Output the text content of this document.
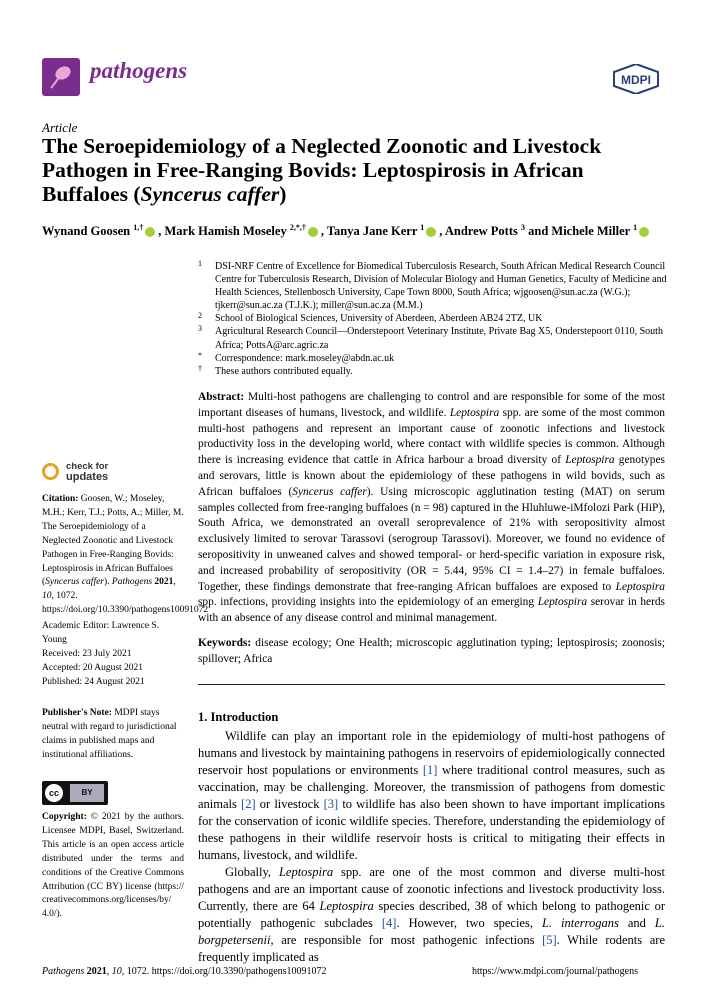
pathogens	MDPI
Article
The Seroepidemiology of a Neglected Zoonotic and Livestock Pathogen in Free-Ranging Bovids: Leptospirosis in African Buffaloes (Syncerus caffer)
Wynand Goosen $^{1,\dagger}$ , Mark Hamish Moseley $^{2,*,\dagger}$ , Tanya Jane Kerr $^1$ , Andrew Potts $^3$ and Michele Miller $^1$
1 DSI-NRF Centre of Excellence for Biomedical Tuberculosis Research, South African Medical Research Council Centre for Tuberculosis Research, Division of Molecular Biology and Human Genetics, Faculty of Medicine and Health Sciences, Stellenbosch University, Cape Town 8000, South Africa; wjgoosen@sun.ac.za (W.G.); tjkerr@sun.ac.za (T.J.K.); miller@sun.ac.za (M.M.)
2 School of Biological Sciences, University of Aberdeen, Aberdeen AB24 2TZ, UK
3 Agricultural Research Council—Onderstepoort Veterinary Institute, Private Bag X5, Onderstepoort 0110, South Africa; PottsA@arc.agric.za
* Correspondence: mark.moseley@abdn.ac.uk
† These authors contributed equally.
Abstract: Multi-host pathogens are challenging to control and are responsible for some of the most important diseases of humans, livestock, and wildlife. Leptospira spp. are some of the most common multi-host pathogens and represent an important cause of zoonotic infections and livestock productivity loss in the developing world, where contact with wildlife species is common. Although there is increasing evidence that cattle in Africa harbour a broad diversity of Leptospira genotypes and serovars, little is known about the epidemiology of these pathogens in wild bovids, such as African buffaloes (Syncerus caffer). Using microscopic agglutination testing (MAT) on serum samples collected from free-ranging buffaloes (n = 98) captured in the Hluhluwe-iMfolozi Park (HiP), South Africa, we demonstrated an overall seroprevalence of 21% with seropositivity almost exclusively limited to serovar Tarassovi (serogroup Tarassovi). Moreover, we found no evidence of seropositivity in unweaned calves and showed temporal- or herd-specific variation in exposure risk, and increased probability of seropositivity (OR = 5.44, 95% CI = 1.4–27) in female buffaloes. Together, these findings demonstrate that free-ranging African buffaloes are exposed to Leptospira spp. infections, providing insights into the epidemiology of an emerging Leptospira serovar in herds with an absence of any disease control and minimal management.
Keywords: disease ecology; One Health; microscopic agglutination typing; leptospirosis; zoonosis; spillover; Africa
check for
updates
Citation: Goosen, W.; Moseley, M.H.; Kerr, T.J.; Potts, A.; Miller, M. The Seroepidemiology of a Neglected Zoonotic and Livestock Pathogen in Free-Ranging Bovids: Leptospirosis in African Buffaloes (Syncerus caffer). Pathogens 2021, 10, 1072. https://doi.org/10.3390/pathogens10091072
Academic Editor: Lawrence S. Young
Received: 23 July 2021
Accepted: 20 August 2021
Published: 24 August 2021
Publisher's Note: MDPI stays neutral with regard to jurisdictional claims in published maps and institutional affiliations.
cc	BY
Copyright: © 2021 by the authors. Licensee MDPI, Basel, Switzerland. This article is an open access article distributed under the terms and conditions of the Creative Commons Attribution (CC BY) license (https:// creativecommons.org/licenses/by/ 4.0/).
1. Introduction

Wildlife can play an important role in the epidemiology of multi-host pathogens of humans and livestock by maintaining pathogens in reservoirs of epidemiologically connected reservoir host populations or environments [1] where traditional control measures, such as vaccination, may be challenging. Moreover, the transmission of pathogens from domestic animals [2] or livestock [3] to wildlife has also been shown to have important implications for the conservation of iconic wildlife species. Therefore, understanding the epidemiology of these pathogens in their wildlife reservoir hosts is critical to mitigating their effects in humans, livestock, and wildlife.

Globally, Leptospira spp. are one of the most common and diverse multi-host pathogens and are an important cause of zoonotic infections and livestock productivity loss. Currently, there are 64 Leptospira species described, 38 of which belong to pathogenic or potentially pathogenic subclades [4]. However, two species, L. interrogans and L. borgpetersenii, are responsible for most pathogenic infections [5]. While rodents are frequently implicated as

Pathogens 2021, 10, 1072. https://doi.org/10.3390/pathogens10091072	https://www.mdpi.com/journal/pathogens
